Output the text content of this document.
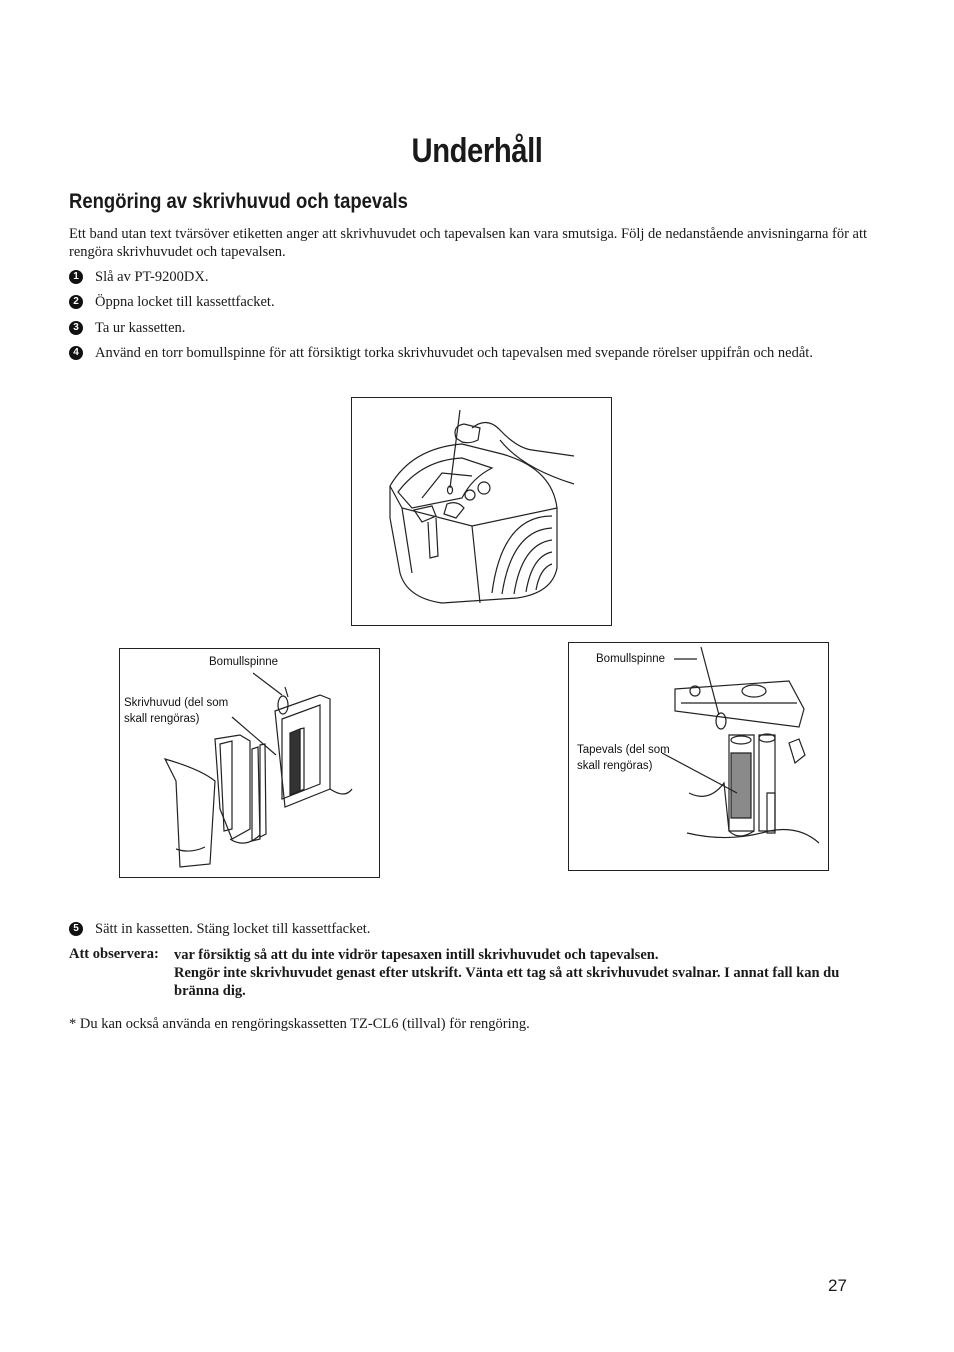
Underhåll
Rengöring av skrivhuvud och tapevals
Ett band utan text tvärsöver etiketten anger att skrivhuvudet och tapevalsen kan vara smutsiga. Följ de nedanstående anvisningarna för att rengöra skrivhuvudet och tapevalsen.
1 Slå av PT-9200DX.
2 Öppna locket till kassettfacket.
3 Ta ur kassetten.
4 Använd en torr bomullspinne för att försiktigt torka skrivhuvudet och tapevalsen med svepande rörelser uppifrån och nedåt.
Bomullspinne
Skrivhuvud (del som
skall rengöras)
Bomullspinne
Tapevals (del som
skall rengöras)
5 Sätt in kassetten. Stäng locket till kassettfacket.
Att observera: var försiktig så att du inte vidrör tapesaxen intill skrivhuvudet och tapevalsen.
Rengör inte skrivhuvudet genast efter utskrift. Vänta ett tag så att skrivhuvudet svalnar. I annat fall kan du bränna dig.
* Du kan också använda en rengöringskassetten TZ-CL6 (tillval) för rengöring.
27
